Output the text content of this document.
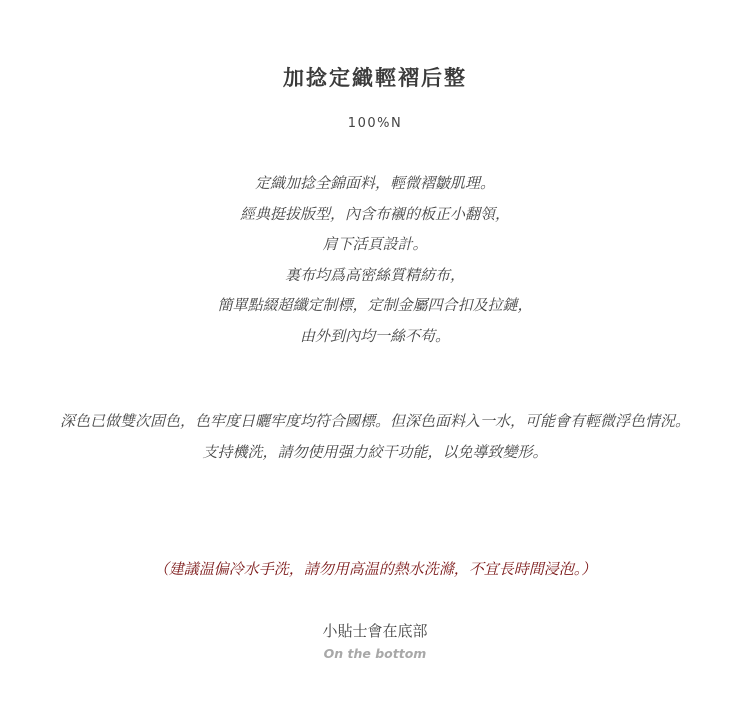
加捻定織輕褶后整
100%N
定織加捻全錦面料，輕微褶皺肌理。
經典挺拔版型，內含布襯的板正小翻領，
肩下活頁設計。
裏布均爲高密絲質精紡布，
簡單點綴超纖定制標，定制金屬四合扣及拉鏈，
由外到內均一絲不苟。
深色已做雙次固色，色牢度日曬牢度均符合國標。但深色面料入一水，可能會有輕微浮色情況。
支持機洗，請勿使用强力絞干功能，以免導致變形。
（建議温偏冷水手洗，請勿用高温的熱水洗滌，不宜長時間浸泡。）
小貼士會在底部
On the bottom
